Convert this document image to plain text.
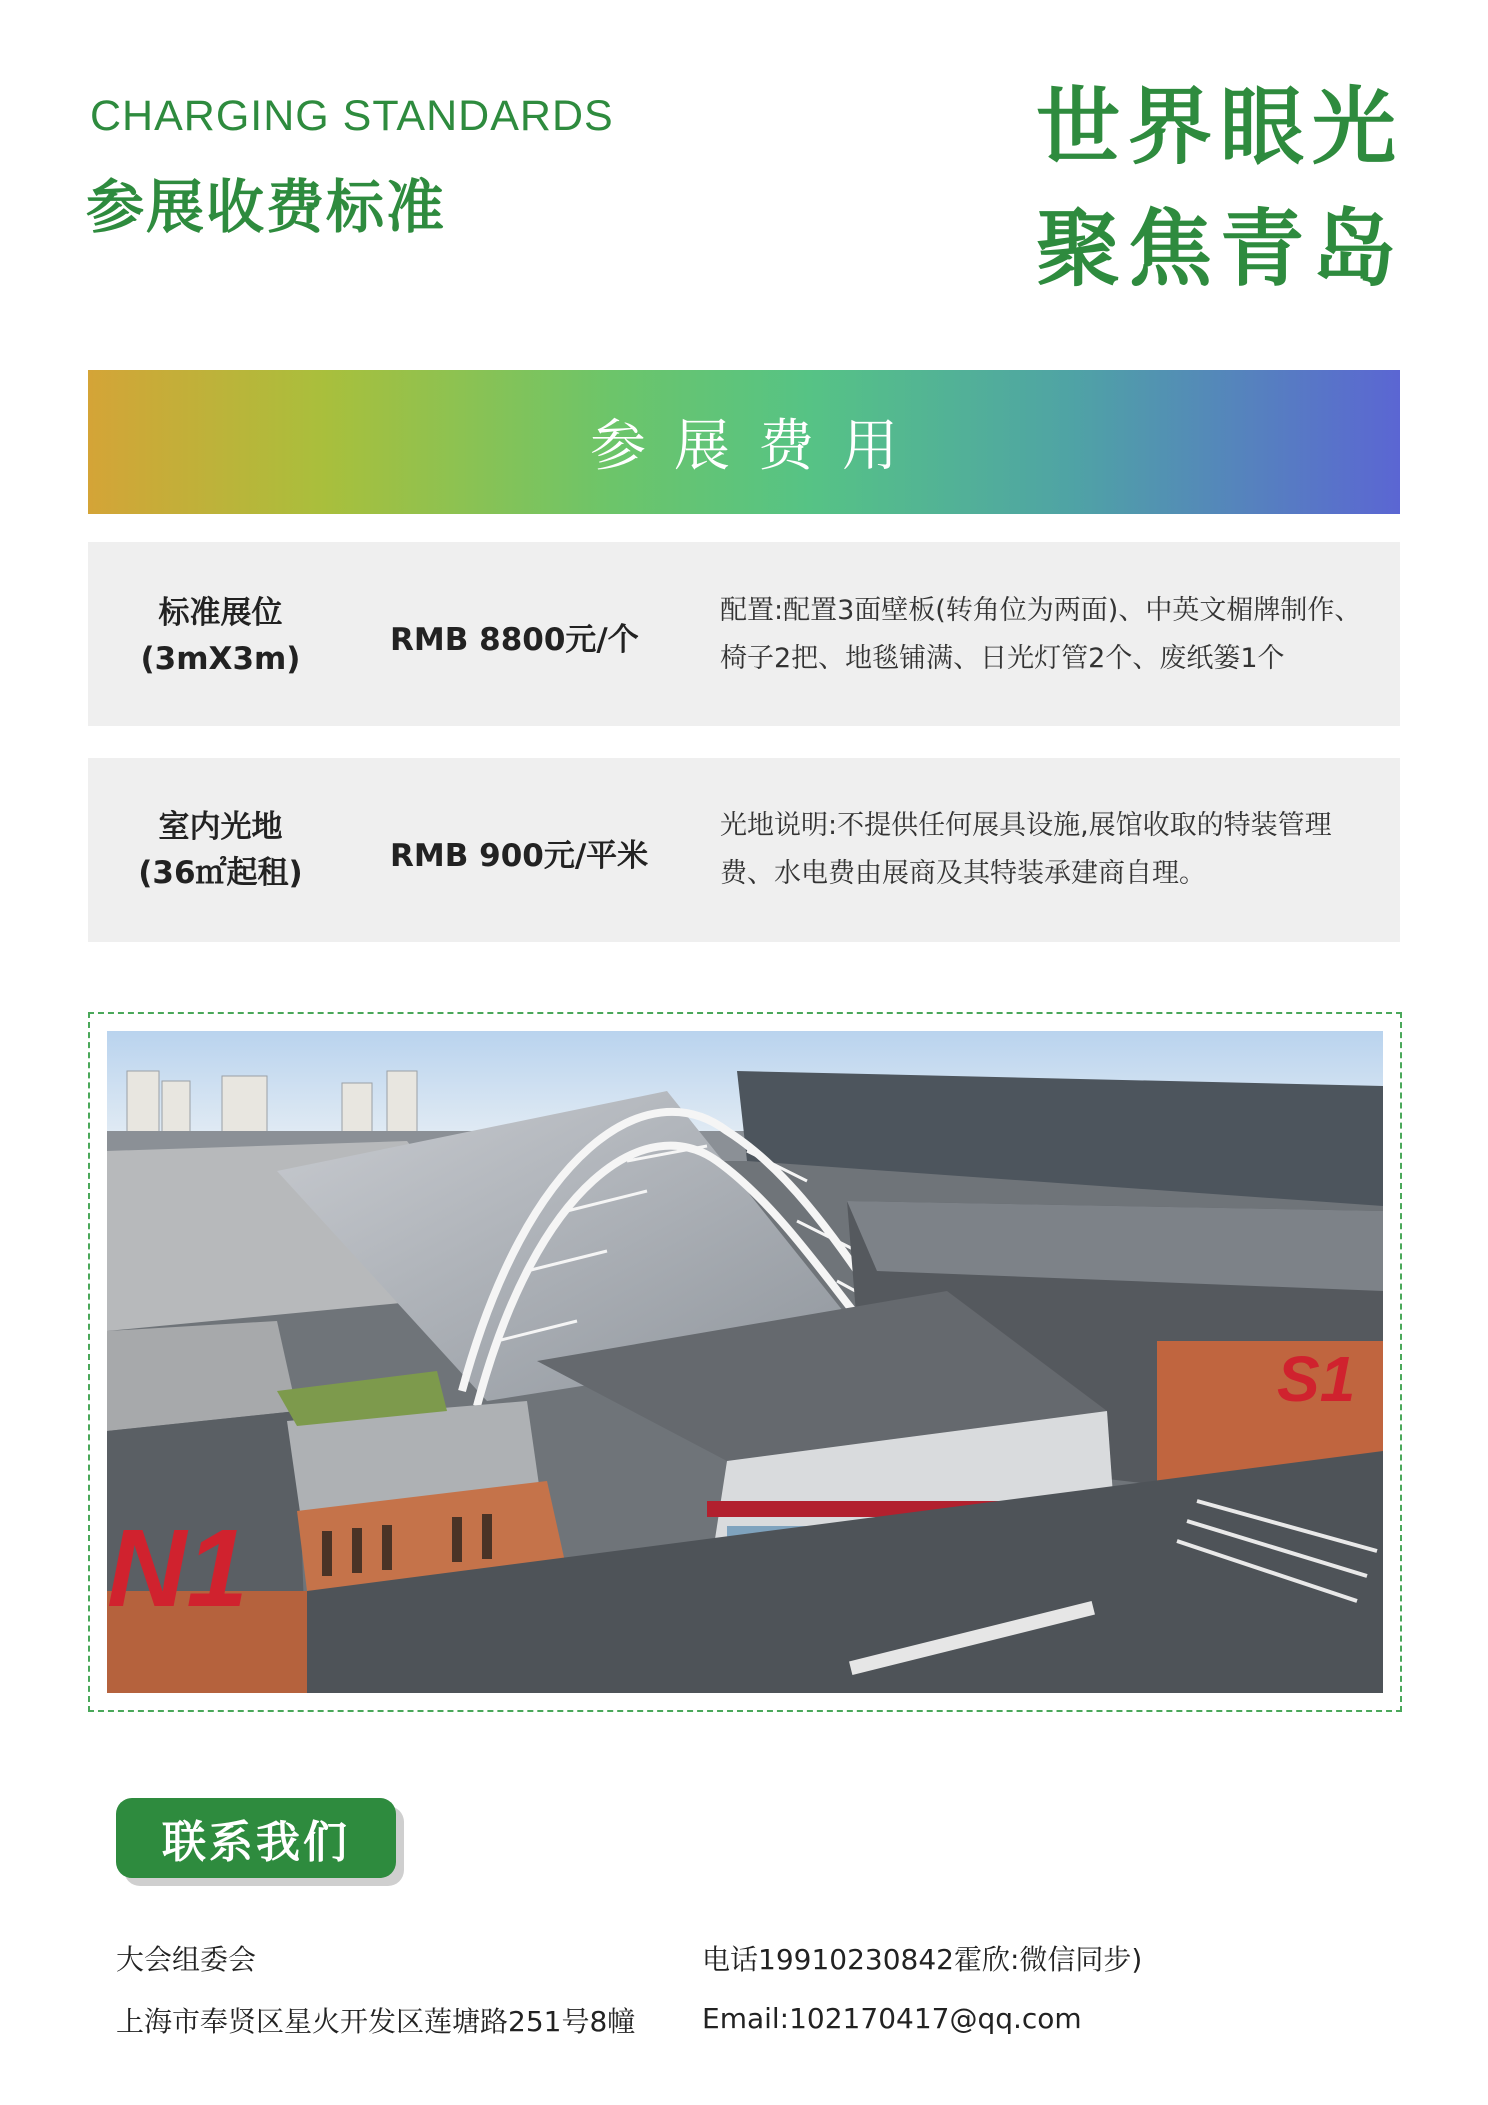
CHARGING STANDARDS
参展收费标准
世界眼光
聚焦青岛
参展费用
标准展位
(3mX3m)
RMB 8800元/个
配置:配置3面壁板(转角位为两面)、中英文楣牌制作、
椅子2把、地毯铺满、日光灯管2个、废纸篓1个
室内光地
(36㎡起租)	RMB 900元/平米
光地说明:不提供任何展具设施,展馆收取的特装管理
费、水电费由展商及其特装承建商自理。
N1
S1
联系我们
大会组委会
上海市奉贤区星火开发区莲塘路251号8幢
电话19910230842霍欣:微信同步)
Email:102170417@qq.com
